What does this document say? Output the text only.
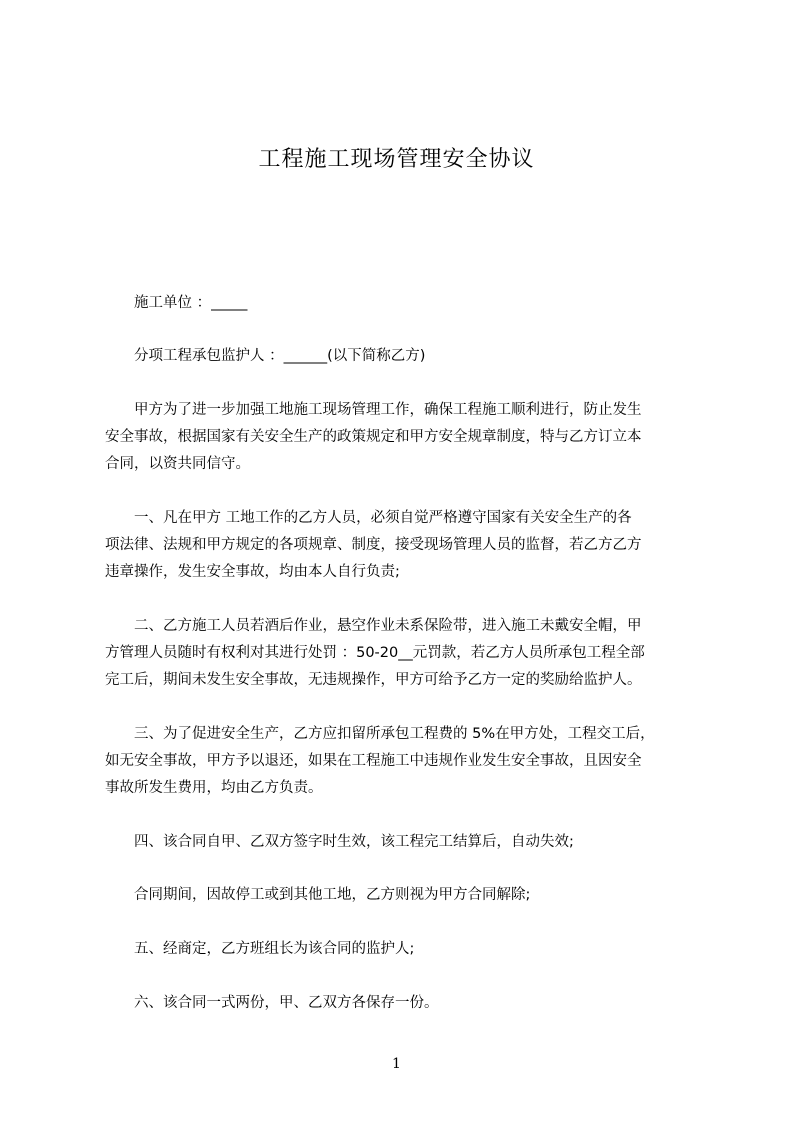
工程施工现场管理安全协议
　　施工单位 ：_____
　　分项工程承包监护人 ：______(以下简称乙方)
　　甲方为了进一步加强工地施工现场管理工作，确保工程施工顺利进行，防止发生
安全事故，根据国家有关安全生产的政策规定和甲方安全规章制度，特与乙方订立本
合同，以资共同信守。
　　一、凡在甲方 工地工作的乙方人员，必须自觉严格遵守国家有关安全生产的各
项法律、法规和甲方规定的各项规章、制度，接受现场管理人员的监督，若乙方乙方
违章操作，发生安全事故，均由本人自行负责;
　　二、乙方施工人员若酒后作业，悬空作业未系保险带，进入施工未戴安全帽，甲
方管理人员随时有权利对其进行处罚 ：50-20__元罚款，若乙方人员所承包工程全部
完工后，期间未发生安全事故，无违规操作，甲方可给予乙方一定的奖励给监护人。
　　三、为了促进安全生产，乙方应扣留所承包工程费的 5%在甲方处，工程交工后，
如无安全事故，甲方予以退还，如果在工程施工中违规作业发生安全事故，且因安全
事故所发生费用，均由乙方负责。
　　四、该合同自甲、乙双方签字时生效，该工程完工结算后，自动失效;
　　合同期间，因故停工或到其他工地，乙方则视为甲方合同解除;
　　五、经商定，乙方班组长为该合同的监护人;
　　六、该合同一式两份，甲、乙双方各保存一份。
1
